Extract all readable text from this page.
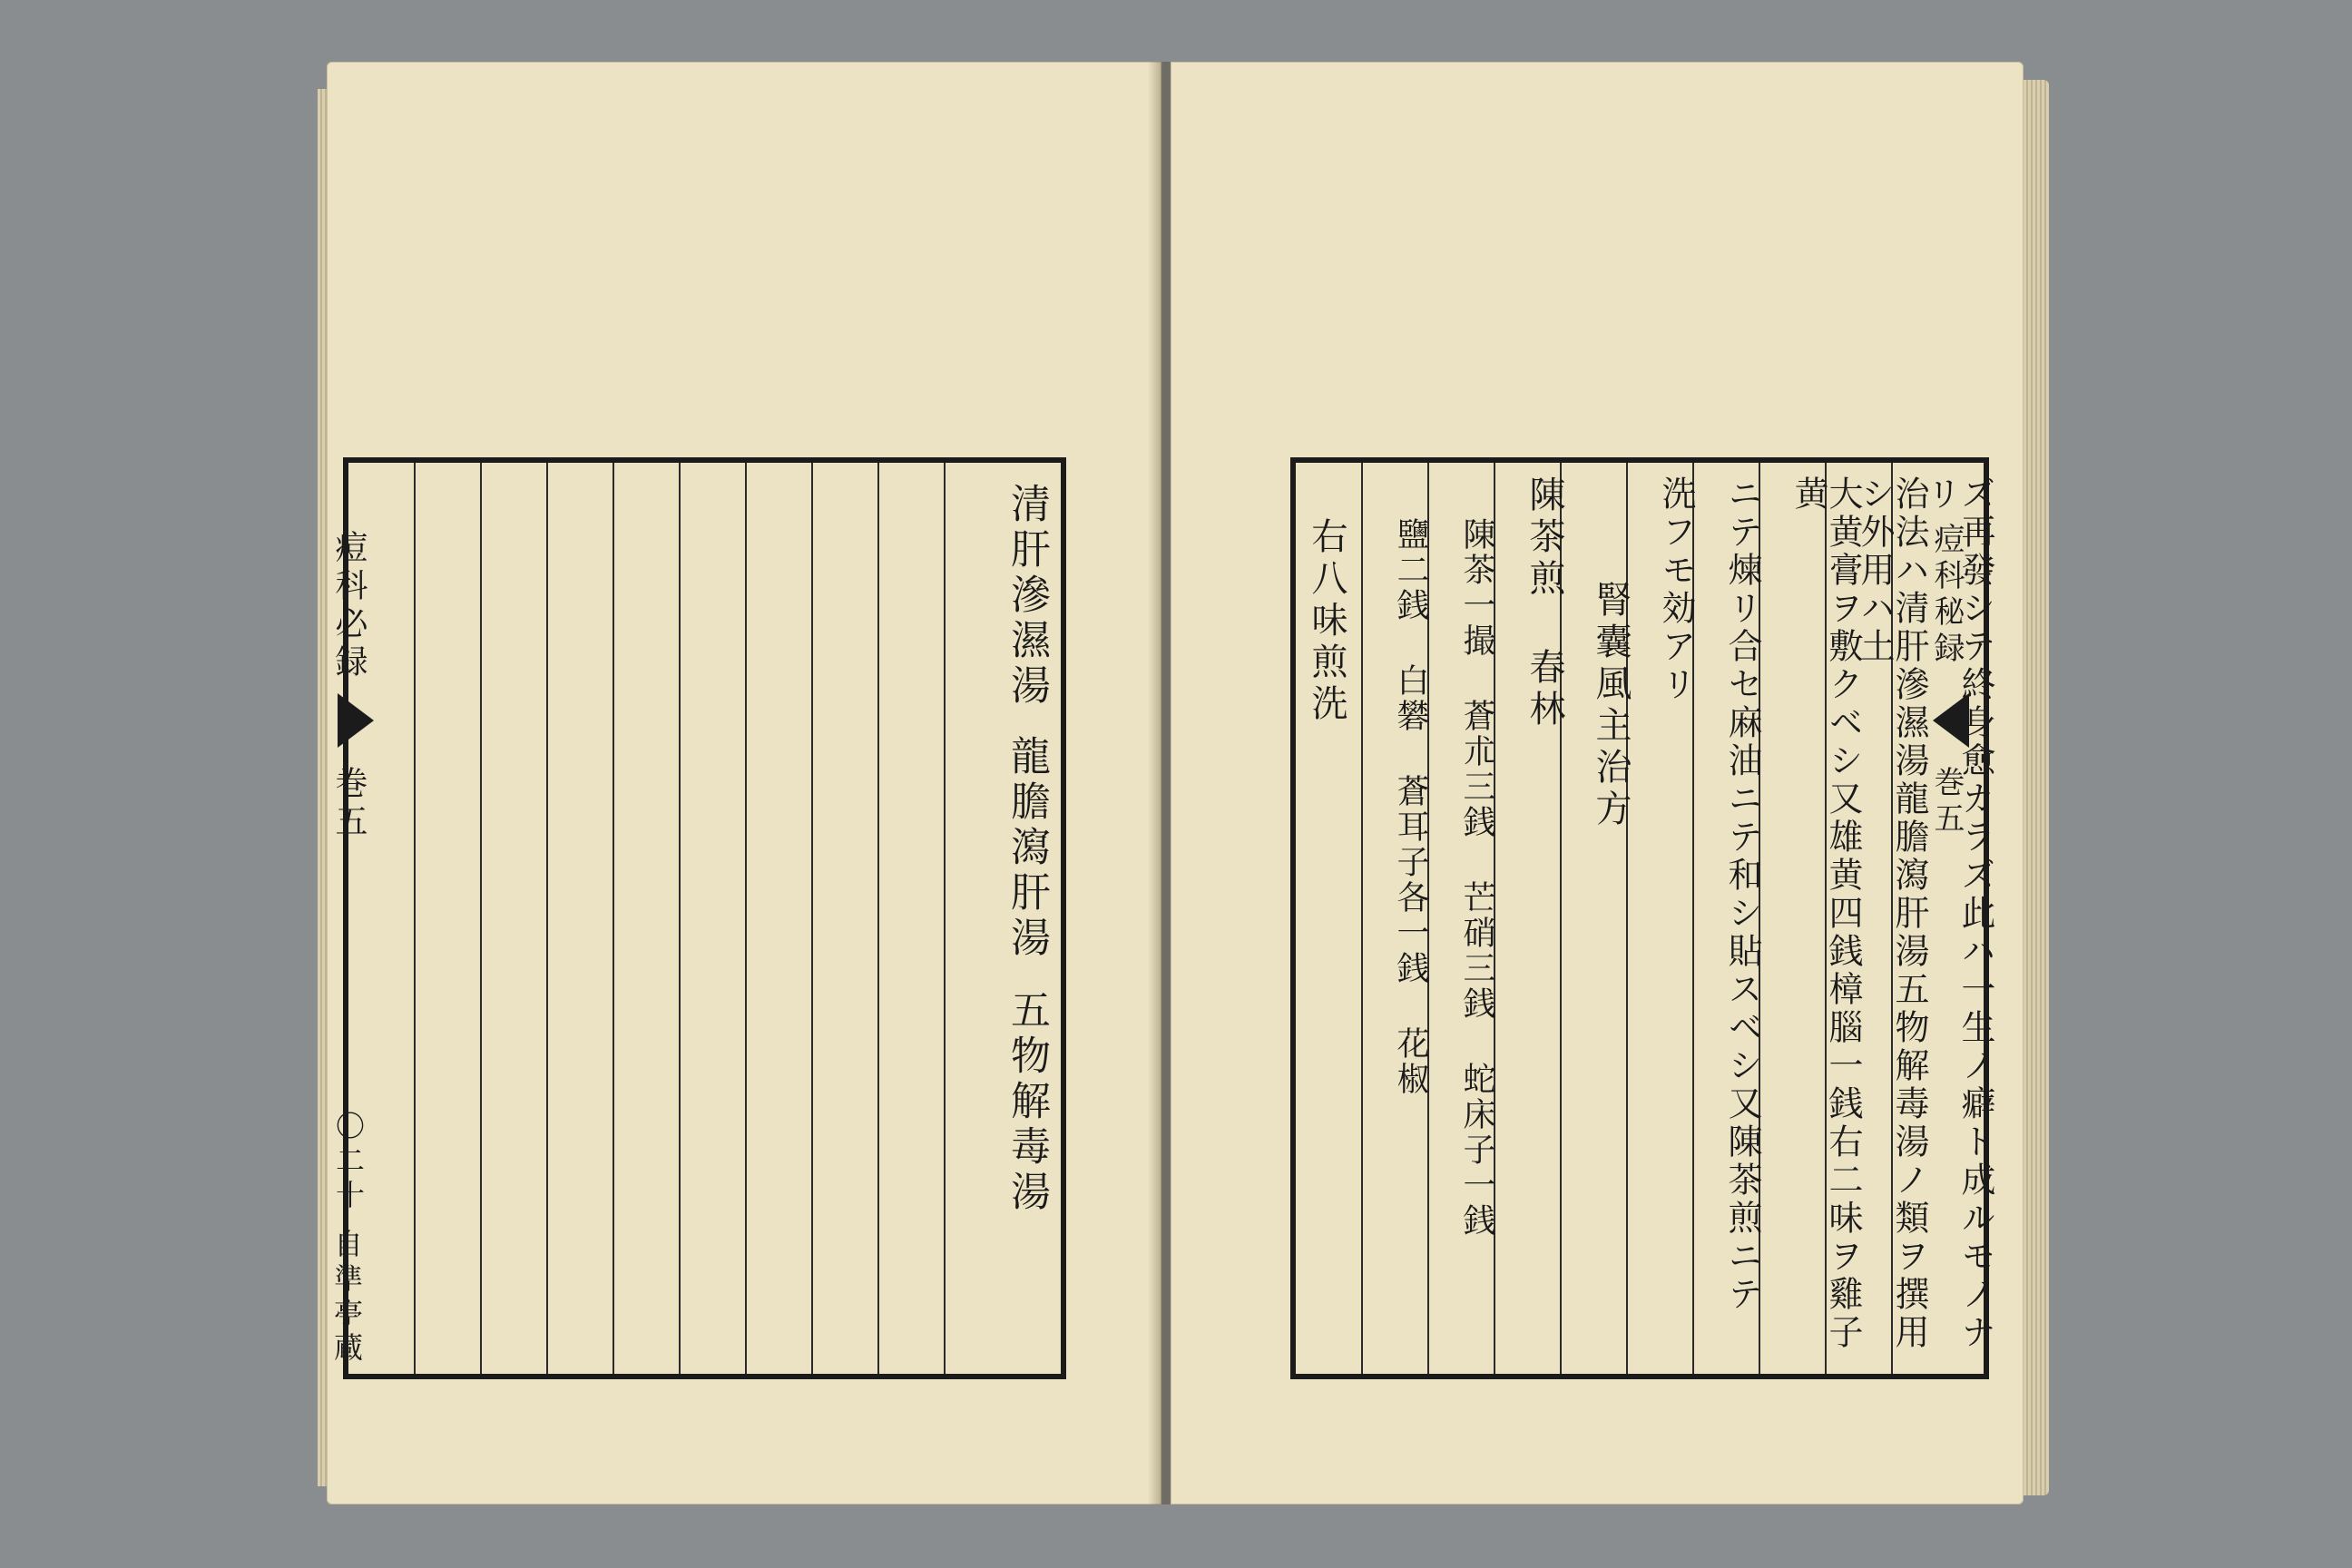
痘科必録
巻五
〇二十
自準亭蔵
清肝滲濕湯
龍膽瀉肝湯
五物解毒湯
痘科秘録
巻五
ズ再發シテ終身愈カラズ此ハ一生ノ癖ト成ルモノナリ
治法ハ清肝滲濕湯龍膽瀉肝湯五物解毒湯ノ類ヲ撰用シ外用ハ土
大黄膏ヲ敷クベシ又雄黄四銭樟腦一銭右二味ヲ雞子黄
ニテ煉リ合セ麻油ニテ和シ貼スベシ又陳茶煎ニテ
洗フモ効アリ
腎囊風主治方
陳茶煎 春林
陳茶一撮 蒼朮三銭 芒硝三銭 蛇床子一銭
鹽二銭 白礬 蒼耳子各一銭 花椒
右八味煎洗
